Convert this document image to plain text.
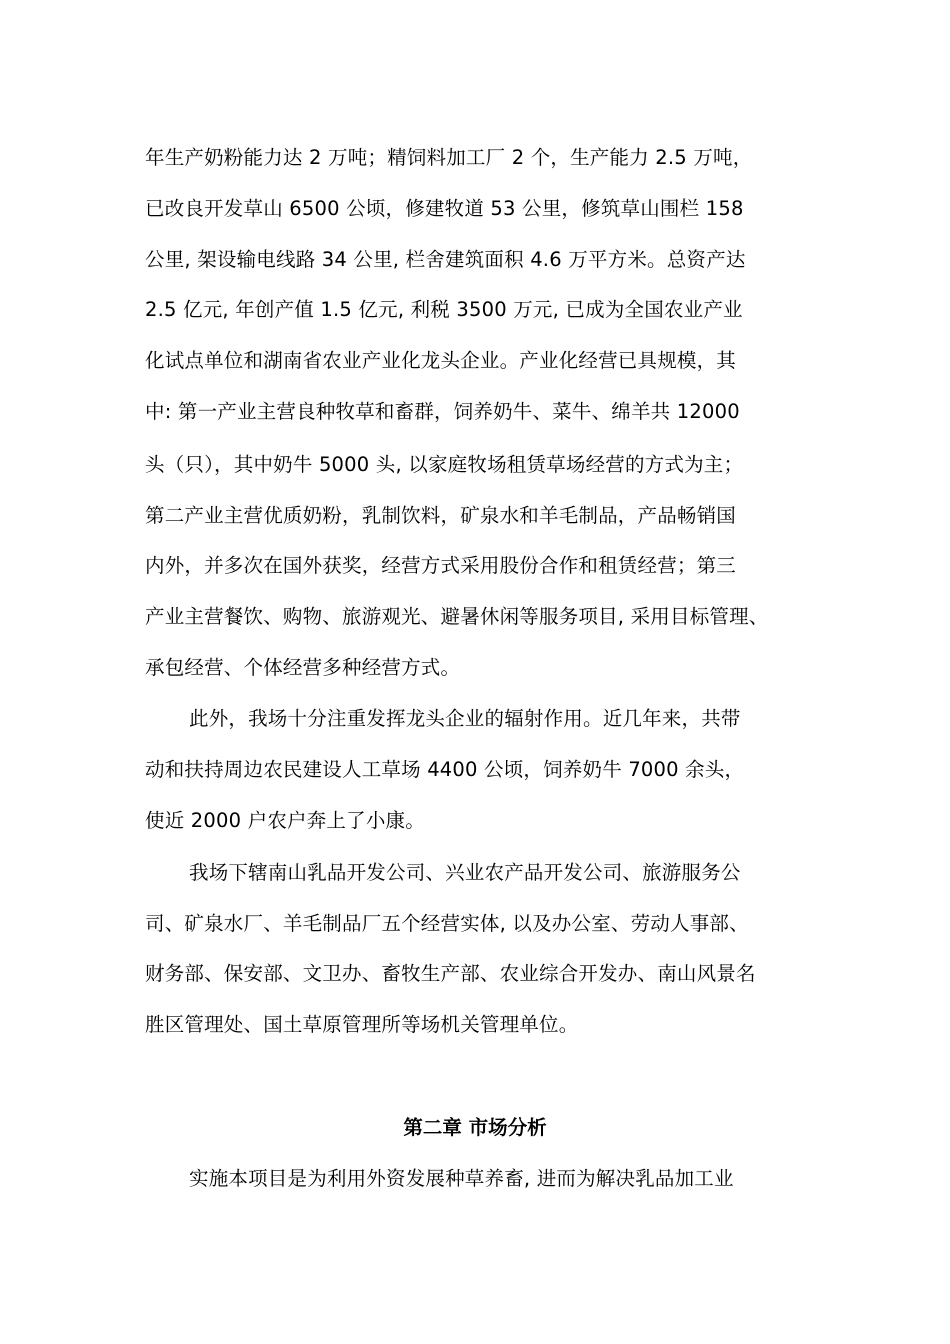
年生产奶粉能力达 2 万吨；精饲料加工厂 2 个，生产能力 2.5 万吨，
已改良开发草山 6500 公顷，修建牧道 53 公里，修筑草山围栏 158
公里, 架设输电线路 34 公里, 栏舍建筑面积 4.6 万平方米。总资产达
2.5 亿元, 年创产值 1.5 亿元, 利税 3500 万元, 已成为全国农业产业
化试点单位和湖南省农业产业化龙头企业。产业化经营已具规模，其
中: 第一产业主营良种牧草和畜群，饲养奶牛、菜牛、绵羊共 12000
头（只），其中奶牛 5000 头, 以家庭牧场租赁草场经营的方式为主；
第二产业主营优质奶粉，乳制饮料，矿泉水和羊毛制品，产品畅销国
内外，并多次在国外获奖，经营方式采用股份合作和租赁经营；第三
产业主营餐饮、购物、旅游观光、避暑休闲等服务项目, 采用目标管理、
承包经营、个体经营多种经营方式。
此外，我场十分注重发挥龙头企业的辐射作用。近几年来，共带
动和扶持周边农民建设人工草场 4400 公顷，饲养奶牛 7000 余头，
使近 2000 户农户奔上了小康。
我场下辖南山乳品开发公司、兴业农产品开发公司、旅游服务公
司、矿泉水厂、羊毛制品厂五个经营实体, 以及办公室、劳动人事部、
财务部、保安部、文卫办、畜牧生产部、农业综合开发办、南山风景名
胜区管理处、国土草原管理所等场机关管理单位。
第二章 市场分析
实施本项目是为利用外资发展种草养畜, 进而为解决乳品加工业
